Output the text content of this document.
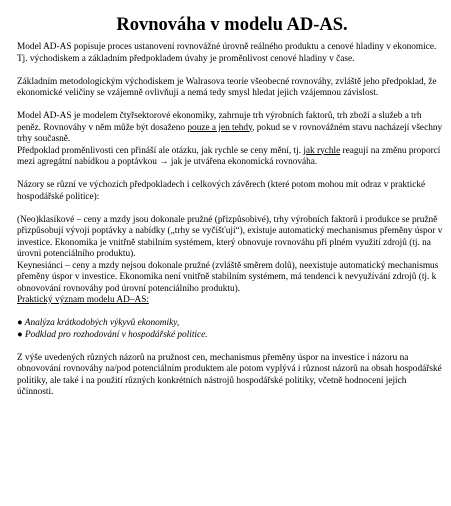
Rovnováha v modelu AD-AS.

Model AD-AS popisuje proces ustanovení rovnovážné úrovně reálného produktu a cenové hladiny v ekonomice. Tj. východiskem a základním předpokladem úvahy je proměnlivost cenové hladiny v čase.

Základním metodologickým východiskem je Walrasova teorie všeobecné rovnováhy, zvláště jeho předpoklad, že ekonomické veličiny se vzájemně ovlivňují a nemá tedy smysl hledat jejich vzájemnou závislost.

Model AD-AS je modelem čtyřsektorové ekonomiky, zahrnuje trh výrobních faktorů, trh zboží a služeb a trh peněz. Rovnováhy v něm může být dosaženo pouze a jen tehdy, pokud se v rovnovážném stavu nacházejí všechny trhy současně.

Předpoklad proměnlivosti cen přináší ale otázku, jak rychle se ceny mění, tj. jak rychle reagují na změnu proporcí mezi agregátní nabídkou a poptávkou → jak je utvářena ekonomická rovnováha.

Názory se různí ve výchozích předpokladech i celkových závěrech (které potom mohou mít odraz v praktické hospodářské politice):

(Neo)klasikové – ceny a mzdy jsou dokonale pružné (přizpůsobivé), trhy výrobních faktorů i produkce se pružně přizpůsobují vývoji poptávky a nabídky („trhy se vyčišťují“), existuje automatický mechanismus přeměny úspor v investice. Ekonomika je vnitřně stabilním systémem, který obnovuje rovnováhu při plném využití zdrojů (tj. na úrovni potenciálního produktu).

Keynesiánci – ceny a mzdy nejsou dokonale pružné (zvláště směrem dolů), neexistuje automatický mechanismus přeměny úspor v investice. Ekonomika není vnitřně stabilním systémem, má tendenci k nevyužívání zdrojů (tj. k obnovování rovnováhy pod úrovní potenciálního produktu).

Praktický význam modelu AD–AS:

● Analýza krátkodobých výkyvů ekonomiky,

● Podklad pro rozhodování v hospodářské politice.

Z výše uvedených různých názorů na pružnost cen, mechanismus přeměny úspor na investice i názoru na obnovování rovnováhy na/pod potenciálním produktem ale potom vyplývá i různost názorů na obsah hospodářské politiky, ale také i na použití různých konkrétních nástrojů hospodářské politiky, včetně hodnocení jejich účinnosti.
